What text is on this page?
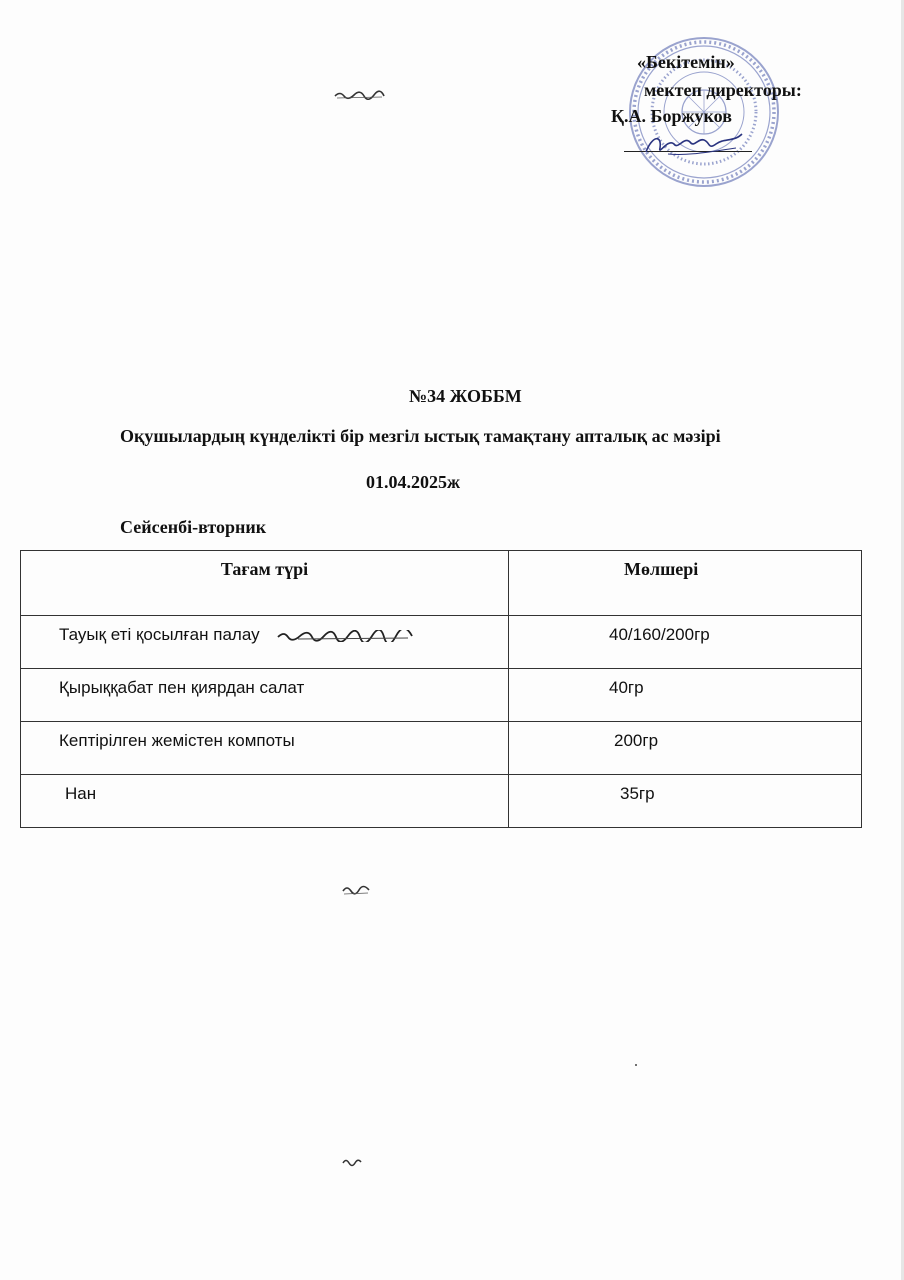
«Бекітемін»
мектеп директоры:
Қ.А. Боржуков
№34 ЖОББМ
Оқушылардың күнделікті бір мезгіл ыстық тамақтану апталық ас мәзірі
01.04.2025ж
Сейсенбі-вторник
Тағам түрі	Мөлшері
Тауық еті қосылған палау	40/160/200гр
Қырыққабат пен қиярдан салат	40гр
Кептірілген жемістен компоты	200гр
Нан	35гр
